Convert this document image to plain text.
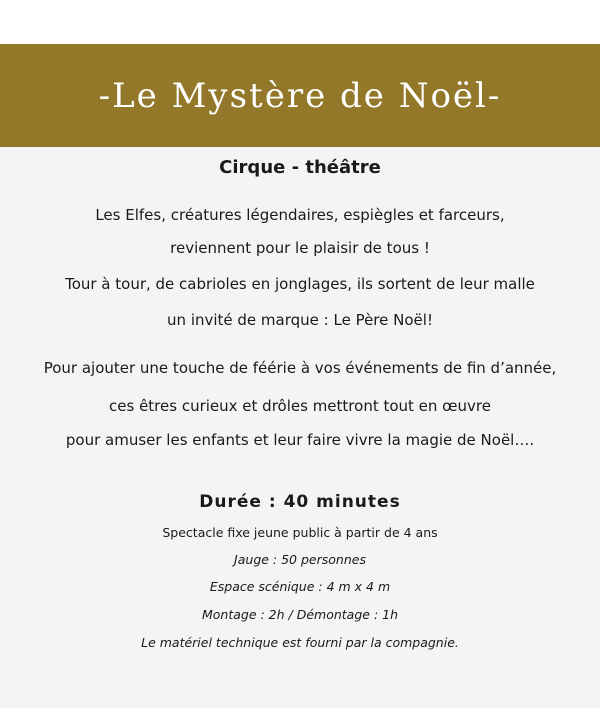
-Le Mystère de Noël-
Cirque - théâtre
Les Elfes, créatures légendaires, espiègles et farceurs,
reviennent pour le plaisir de tous !
Tour à tour, de cabrioles en jonglages, ils sortent de leur malle
un invité de marque : Le Père Noël!
Pour ajouter une touche de féérie à vos événements de fin d’année,
ces êtres curieux et drôles mettront tout en œuvre
pour amuser les enfants et leur faire vivre la magie de Noël….
Durée : 40 minutes
Spectacle fixe jeune public à partir de 4 ans
Jauge : 50 personnes
Espace scénique : 4 m x 4 m
Montage : 2h / Démontage : 1h
Le matériel technique est fourni par la compagnie.
